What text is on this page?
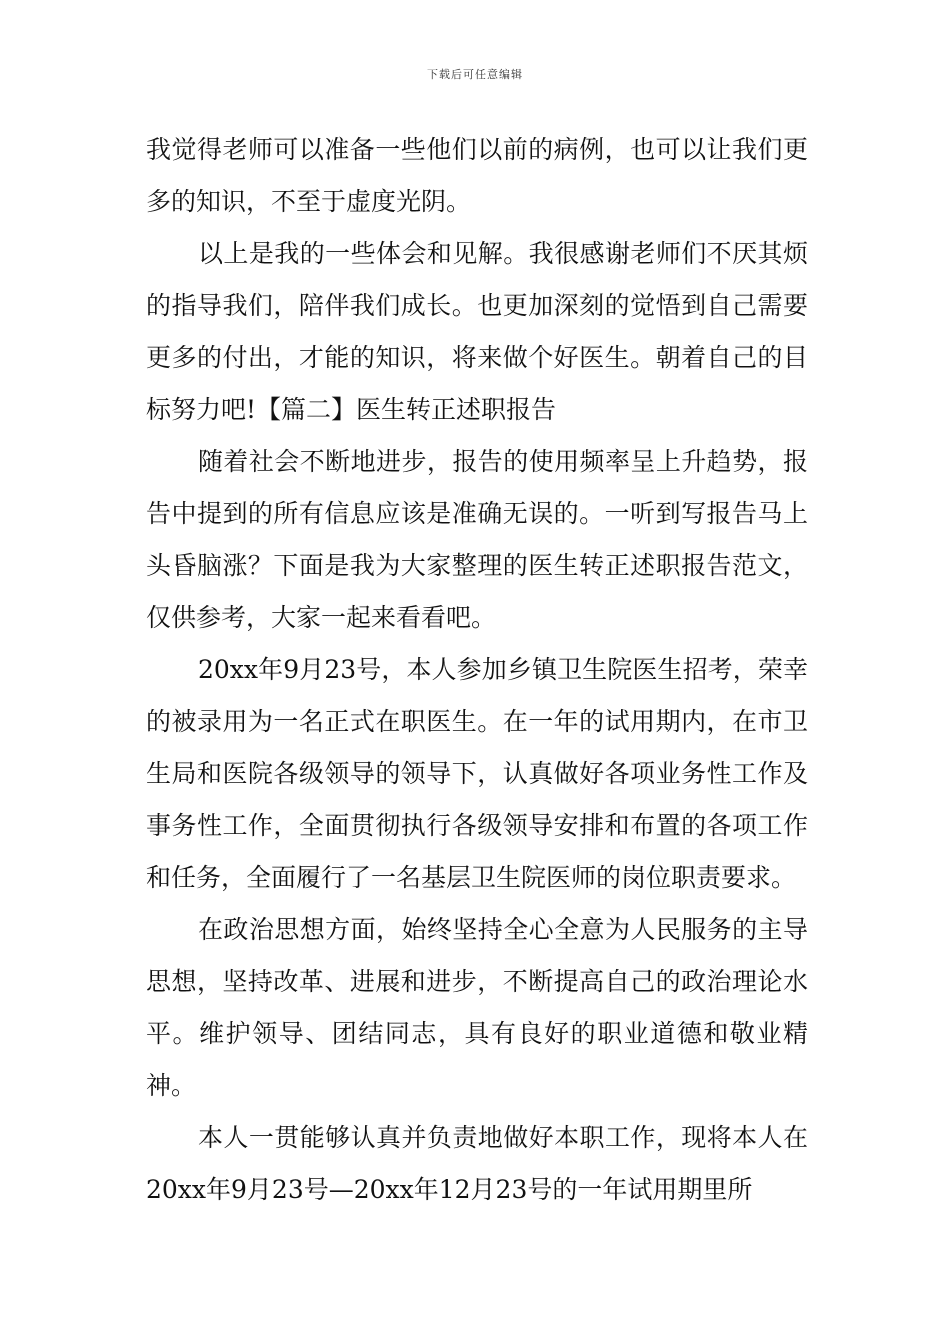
下载后可任意编辑

我觉得老师可以准备一些他们以前的病例，也可以让我们更多的知识，不至于虚度光阴。

以上是我的一些体会和见解。我很感谢老师们不厌其烦的指导我们，陪伴我们成长。也更加深刻的觉悟到自己需要更多的付出，才能的知识，将来做个好医生。朝着自己的目标努力吧!【篇二】医生转正述职报告

随着社会不断地进步，报告的使用频率呈上升趋势，报告中提到的所有信息应该是准确无误的。一听到写报告马上头昏脑涨？下面是我为大家整理的医生转正述职报告范文，仅供参考，大家一起来看看吧。

20xx年9月23号，本人参加乡镇卫生院医生招考，荣幸的被录用为一名正式在职医生。在一年的试用期内，在市卫生局和医院各级领导的领导下，认真做好各项业务性工作及事务性工作，全面贯彻执行各级领导安排和布置的各项工作和任务，全面履行了一名基层卫生院医师的岗位职责要求。

在政治思想方面，始终坚持全心全意为人民服务的主导思想，坚持改革、进展和进步，不断提高自己的政治理论水平。维护领导、团结同志，具有良好的职业道德和敬业精神。

本人一贯能够认真并负责地做好本职工作，现将本人在20xx年9月23号—20xx年12月23号的一年试用期里所
